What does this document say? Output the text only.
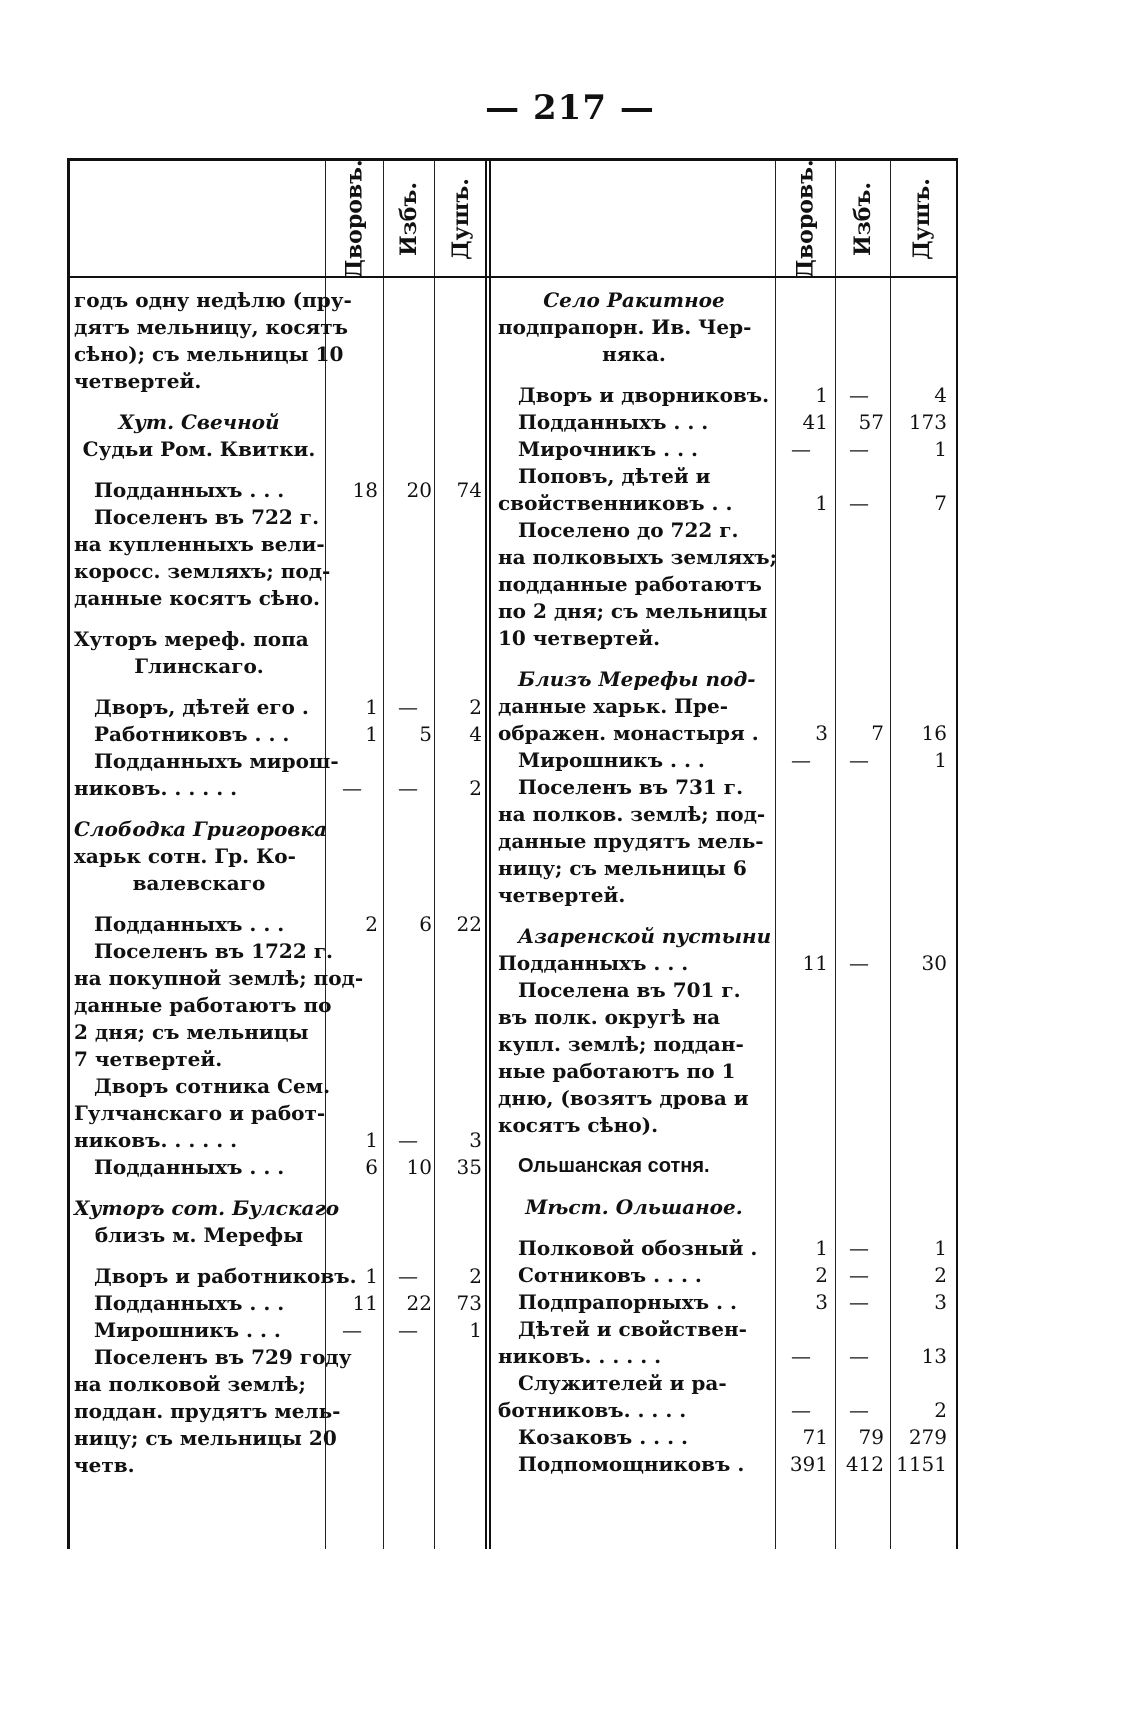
— 217 —
Дворовъ. Избъ. Душъ.	Дворовъ. Избъ. Душъ.
годъ одну недѣлю (пру-
дятъ мельницу, косятъ
сѣно); съ мельницы 10
четвертей.
Хут. Свечной
Судьи Ром. Квитки.
Подданныхъ . . .	18	20	74
Поселенъ въ 722 г.
на купленныхъ вели-
коросс. земляхъ; под-
данные косятъ сѣно.
Хуторъ мереф. попа
Глинскаго.
Дворъ, дѣтей его .	1	—	2
Работниковъ . . .	1	5	4
Подданныхъ мирош-
никовъ. . . . . .	—	—	2
Слободка Григоровка
харьк сотн. Гр. Ко-
валевскаго
Подданныхъ . . .	2	6	22
Поселенъ въ 1722 г.
на покупной землѣ; под-
данные работаютъ по
2 дня; съ мельницы
7 четвертей.
Дворъ сотника Сем.
Гулчанскаго и работ-
никовъ. . . . . .	1	—	3
Подданныхъ . . .	6	10	35
Хуторъ сот. Булскаго
близъ м. Мерефы
Дворъ и работниковъ. 1	—	2
Подданныхъ . . .	11	22	73
Мирошникъ . . .	—	—	1
Поселенъ въ 729 году
на полковой землѣ;
поддан. прудятъ мель-
ницу; съ мельницы 20
четв.
Село Ракитное
подпрапорн. Ив. Чер-
няка.
Дворъ и дворниковъ.	1	—	4
Подданныхъ . . .	41	57	173
Мирочникъ . . .	—	—	1
Поповъ, дѣтей и
свойственниковъ . .	1	—	7
Поселено до 722 г.
на полковыхъ земляхъ;
подданные работаютъ
по 2 дня; съ мельницы
10 четвертей.
Близъ Мерефы под-
данные харьк. Пре-
ображен. монастыря .	3	7	16
Мирошникъ . . .	—	—	1
Поселенъ въ 731 г.
на полков. землѣ; под-
данные прудятъ мель-
ницу; съ мельницы 6
четвертей.
Азаренской пустыни
Подданныхъ . . .	11	—	30
Поселена въ 701 г.
въ полк. округѣ на
купл. землѣ; поддан-
ные работаютъ по 1
дню, (возятъ дрова и
косятъ сѣно).
Ольшанская сотня.
Мѣст. Ольшаное.
Полковой обозный .	1	—	1
Сотниковъ . . . .	2	—	2
Подпрапорныхъ . .	3	—	3
Дѣтей и свойствен-
никовъ. . . . . .	—	—	13
Служителей и ра-
ботниковъ. . . . .	—	—	2
Козаковъ . . . .	71	79	279
Подпомощниковъ .	391 412 1151
